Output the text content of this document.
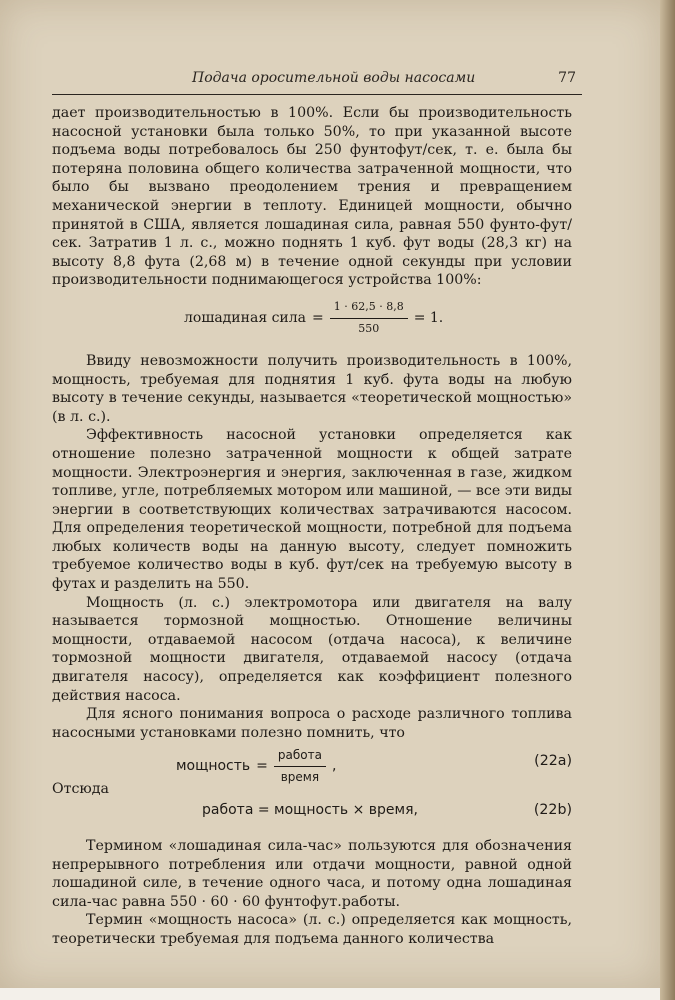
Подача оросительной воды насосами	77

дает производительностью в 100%. Если бы производительность насосной установки была только 50%, то при указанной высоте подъема воды потребовалось бы 250 фунтофут/сек, т. е. была бы потеряна половина общего количества затраченной мощности, что было бы вызвано преодолением трения и превращением механической энергии в теплоту. Единицей мощности, обычно принятой в США, является лошадиная сила, равная 550 фунто-фут/сек. Затратив 1 л. с., можно поднять 1 куб. фут воды (28,3 кг) на высоту 8,8 фута (2,68 м) в течение одной секунды при условии производительности поднимающегося устройства 100%:

лошадиная сила = $\frac{1 \cdot 62,5 \cdot 8,8}{550} = 1$.

Ввиду невозможности получить производительность в 100%, мощность, требуемая для поднятия 1 куб. фута воды на любую высоту в течение секунды, называется «теоретической мощностью» (в л. с.).

Эффективность насосной установки определяется как отношение полезно затраченной мощности к общей затрате мощности. Электроэнергия и энергия, заключенная в газе, жидком топливе, угле, потребляемых мотором или машиной, — все эти виды энергии в соответствующих количествах затрачиваются насосом. Для определения теоретической мощности, потребной для подъема любых количеств воды на данную высоту, следует помножить требуемое количество воды в куб. фут/сек на требуемую высоту в футах и разделить на 550.

Мощность (л. с.) электромотора или двигателя на валу называется тормозной мощностью. Отношение величины мощности, отдаваемой насосом (отдача насоса), к величине тормозной мощности двигателя, отдаваемой насосу (отдача двигателя насосу), определяется как коэффициент полезного действия насоса.

Для ясного понимания вопроса о расходе различного топлива насосными установками полезно помнить, что

мощность = $\frac{\text{работа}}{\text{время}}$ ,	(22a)

Отсюда

работа = мощность × время,	(22b)

Термином «лошадиная сила-час» пользуются для обозначения непрерывного потребления или отдачи мощности, равной одной лошадиной силе, в течение одного часа, и потому одна лошадиная сила-час равна 550 · 60 · 60 фунтофут.работы.

Термин «мощность насоса» (л. с.) определяется как мощность, теоретически требуемая для подъема данного количества
